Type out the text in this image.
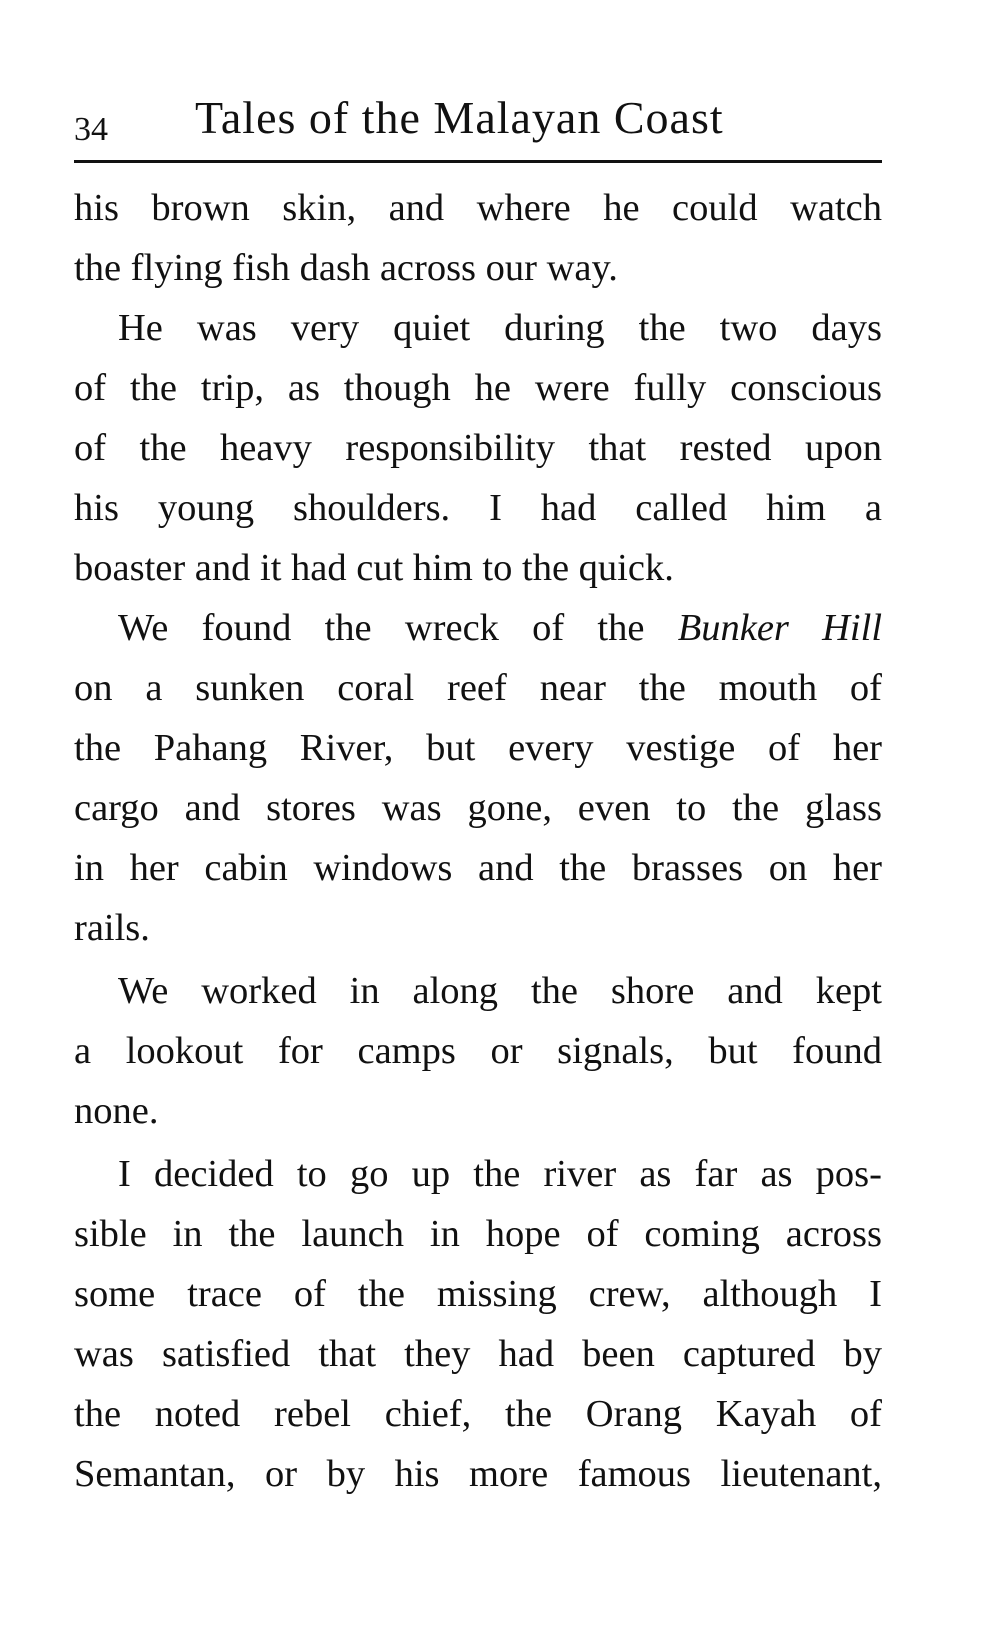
34 Tales of the Malayan Coast
his brown skin, and where he could watch
the flying fish dash across our way.
He was very quiet during the two days
of the trip, as though he were fully conscious
of the heavy responsibility that rested upon
his young shoulders. I had called him a
boaster and it had cut him to the quick.
We found the wreck of the Bunker Hill
on a sunken coral reef near the mouth of
the Pahang River, but every vestige of her
cargo and stores was gone, even to the glass
in her cabin windows and the brasses on her
rails.
We worked in along the shore and kept
a lookout for camps or signals, but found
none.
I decided to go up the river as far as pos-
sible in the launch in hope of coming across
some trace of the missing crew, although I
was satisfied that they had been captured by
the noted rebel chief, the Orang Kayah of
Semantan, or by his more famous lieutenant,
